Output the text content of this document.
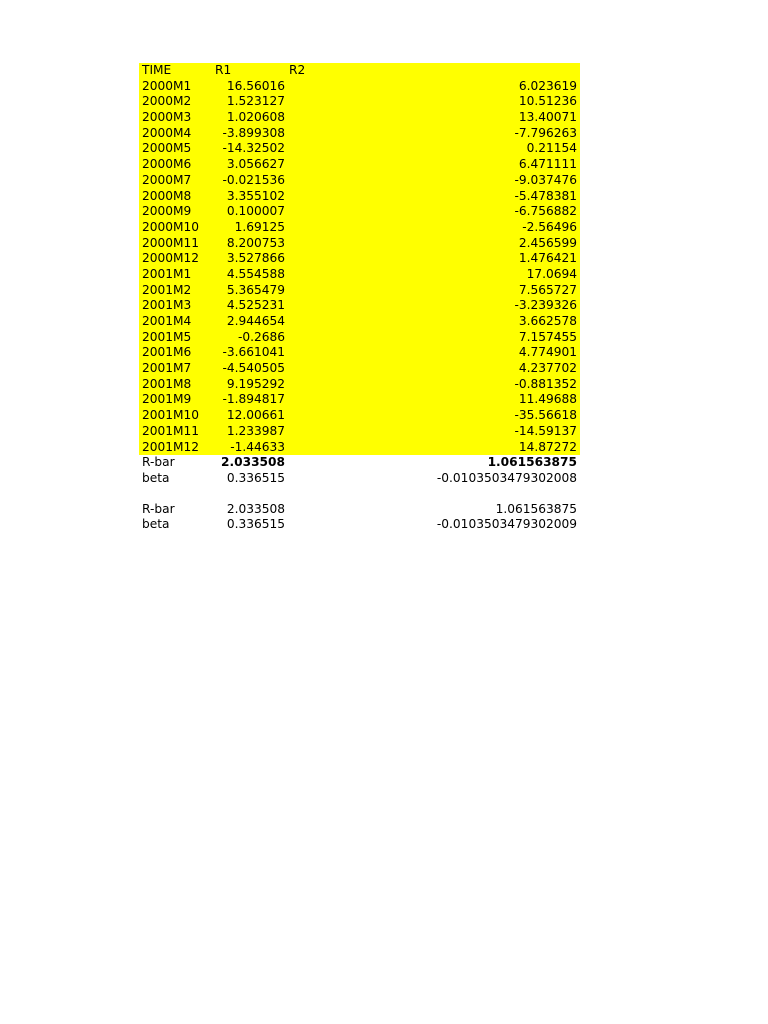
TIME	R1	R2
2000M1	16.56016	6.023619
2000M2	1.523127	10.51236
2000M3	1.020608	13.40071
2000M4	-3.899308	-7.796263
2000M5	-14.32502	0.21154
2000M6	3.056627	6.471111
2000M7	-0.021536	-9.037476
2000M8	3.355102	-5.478381
2000M9	0.100007	-6.756882
2000M10	1.69125	-2.56496
2000M11	8.200753	2.456599
2000M12	3.527866	1.476421
2001M1	4.554588	17.0694
2001M2	5.365479	7.565727
2001M3	4.525231	-3.239326
2001M4	2.944654	3.662578
2001M5	-0.2686	7.157455
2001M6	-3.661041	4.774901
2001M7	-4.540505	4.237702
2001M8	9.195292	-0.881352
2001M9	-1.894817	11.49688
2001M10	12.00661	-35.56618
2001M11	1.233987	-14.59137
2001M12	-1.44633	14.87272
R-bar	2.033508	1.061563875
beta	0.336515	-0.0103503479302008
R-bar	2.033508	1.061563875
beta	0.336515	-0.0103503479302009
